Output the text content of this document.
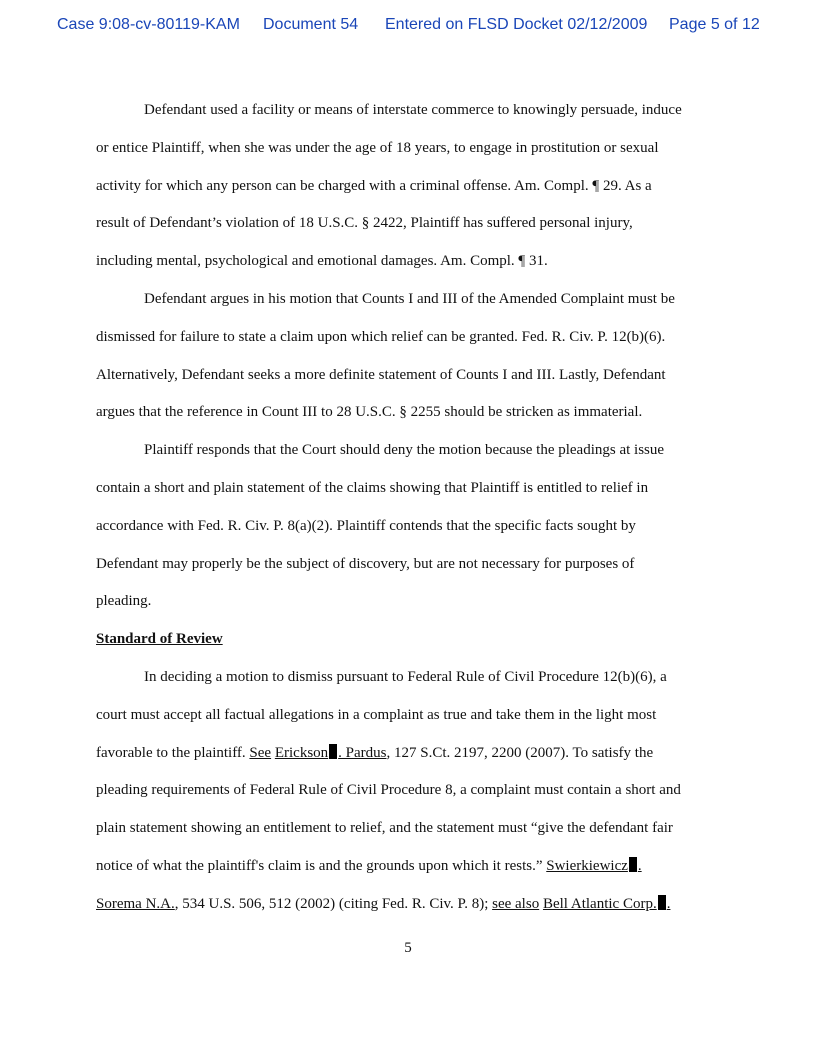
Case 9:08-cv-80119-KAM Document 54 Entered on FLSD Docket 02/12/2009 Page 5 of 12

Defendant used a facility or means of interstate commerce to knowingly persuade, induce

or entice Plaintiff, when she was under the age of 18 years, to engage in prostitution or sexual

activity for which any person can be charged with a criminal offense. Am. Compl. ¶ 29. As a

result of Defendant’s violation of 18 U.S.C. § 2422, Plaintiff has suffered personal injury,

including mental, psychological and emotional damages. Am. Compl. ¶ 31.

Defendant argues in his motion that Counts I and III of the Amended Complaint must be

dismissed for failure to state a claim upon which relief can be granted. Fed. R. Civ. P. 12(b)(6).

Alternatively, Defendant seeks a more definite statement of Counts I and III. Lastly, Defendant

argues that the reference in Count III to 28 U.S.C. § 2255 should be stricken as immaterial.

Plaintiff responds that the Court should deny the motion because the pleadings at issue

contain a short and plain statement of the claims showing that Plaintiff is entitled to relief in

accordance with Fed. R. Civ. P. 8(a)(2). Plaintiff contends that the specific facts sought by

Defendant may properly be the subject of discovery, but are not necessary for purposes of

pleading.

Standard of Review

In deciding a motion to dismiss pursuant to Federal Rule of Civil Procedure 12(b)(6), a

court must accept all factual allegations in a complaint as true and take them in the light most

favorable to the plaintiff. See Erickson . Pardus, 127 S.Ct. 2197, 2200 (2007). To satisfy the

pleading requirements of Federal Rule of Civil Procedure 8, a complaint must contain a short and

plain statement showing an entitlement to relief, and the statement must “give the defendant fair

notice of what the plaintiff's claim is and the grounds upon which it rests.” Swierkiewicz .

Sorema N.A., 534 U.S. 506, 512 (2002) (citing Fed. R. Civ. P. 8); see also Bell Atlantic Corp. .

5
